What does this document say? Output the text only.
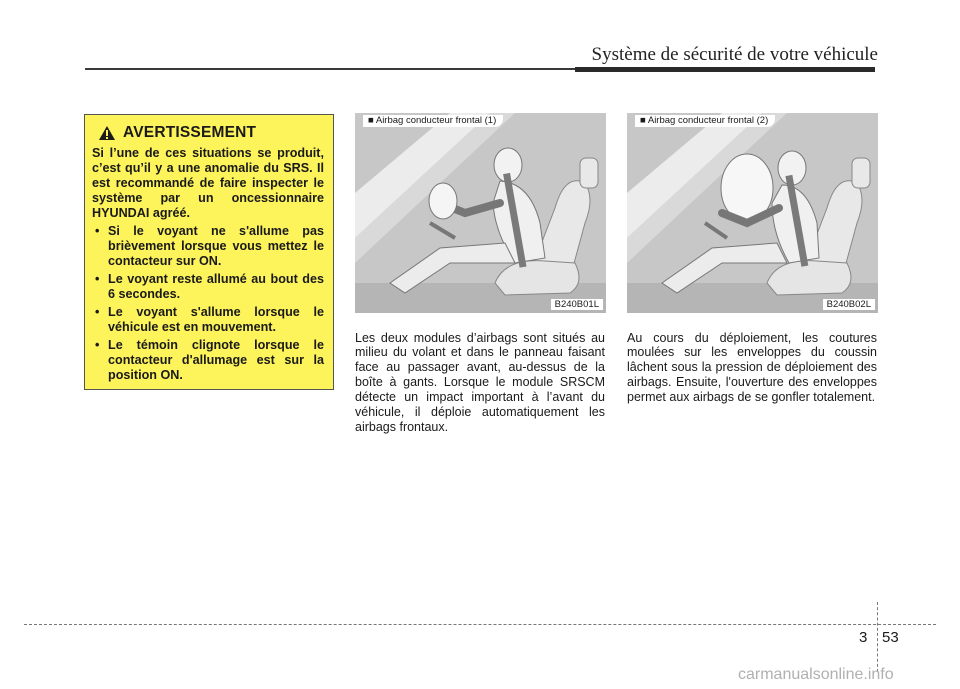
Système de sécurité de votre véhicule
AVERTISSEMENT

Si l’une de ces situations se produit, c’est qu’il y a une anomalie du SRS. Il est recommandé de faire inspecter le système par un oncessionnaire HYUNDAI agréé.

• Si le voyant ne s'allume pas brièvement lorsque vous mettez le contacteur sur ON.
• Le voyant reste allumé au bout des 6 secondes.
• Le voyant s'allume lorsque le véhicule est en mouvement.
• Le témoin clignote lorsque le contacteur d'allumage est sur la position ON.
■ Airbag conducteur frontal (1)
B240B01L
■ Airbag conducteur frontal (2)
B240B02L

Les deux modules d’airbags sont situés au milieu du volant et dans le panneau faisant face au passager avant, au-dessus de la boîte à gants. Lorsque le module SRSCM détecte un impact important à l’avant du véhicule, il déploie automatiquement les airbags frontaux.

Au cours du déploiement, les coutures moulées sur les enveloppes du coussin lâchent sous la pression de déploiement des airbags. Ensuite, l'ouverture des enveloppes permet aux airbags de se gonfler totalement.

3 53
carmanualsonline.info
